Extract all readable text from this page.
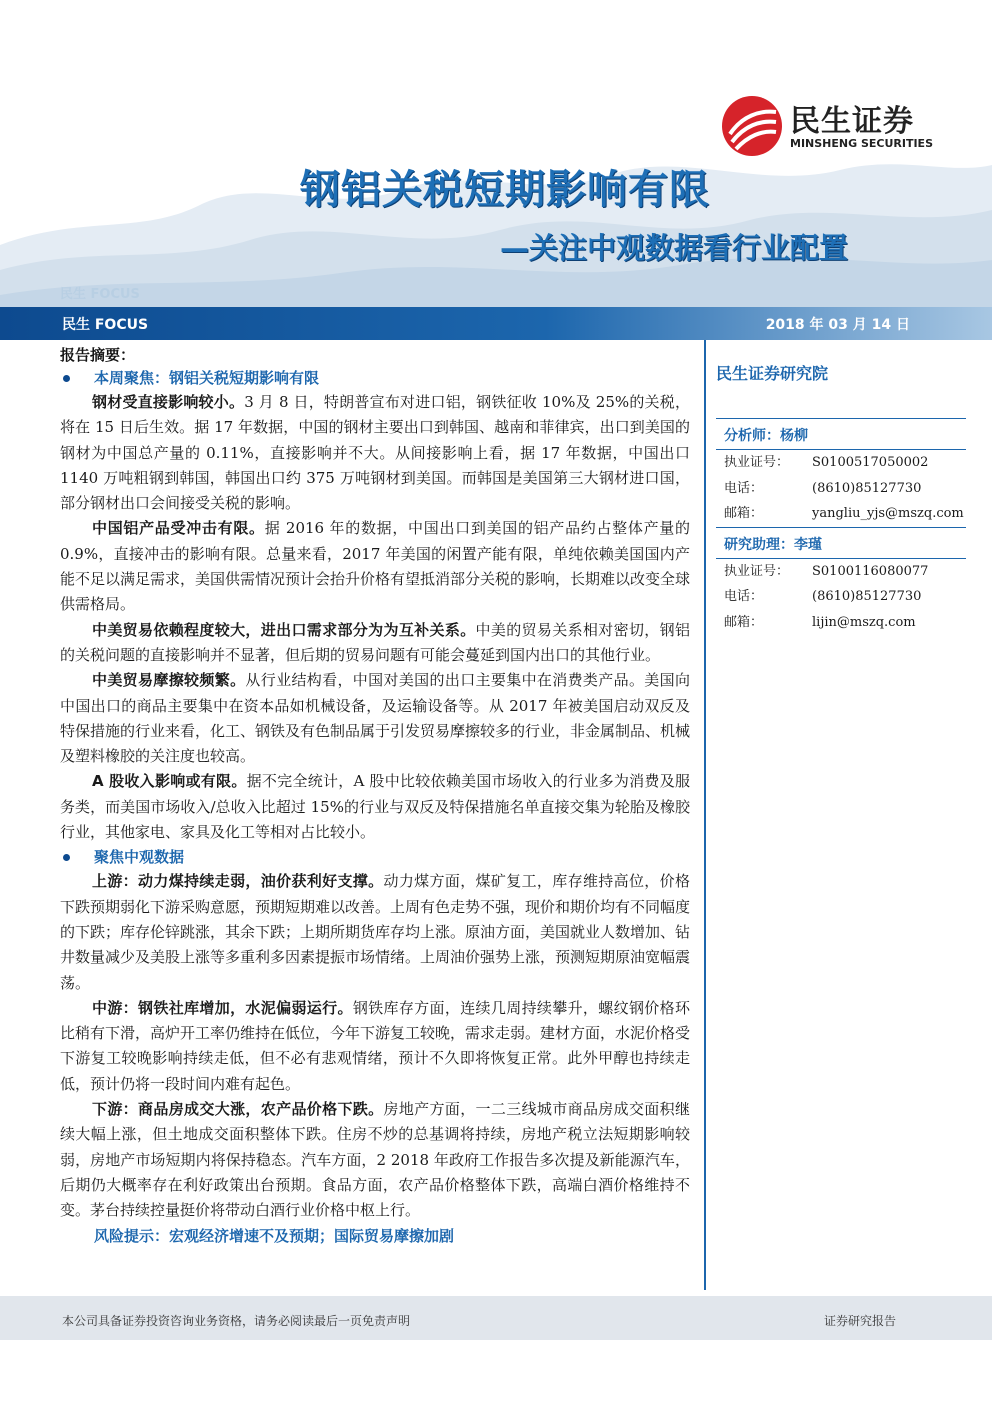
民生证券
MINSHENG SECURITIES
钢铝关税短期影响有限
—关注中观数据看行业配置
民生 FOCUS
民生 FOCUS	2018 年 03 月 14 日

报告摘要：

本周聚焦：钢铝关税短期影响有限

钢材受直接影响较小。3 月 8 日，特朗普宣布对进口铝，钢铁征收 10%及 25%的关税，将在 15 日后生效。据 17 年数据，中国的钢材主要出口到韩国、越南和菲律宾，出口到美国的钢材为中国总产量的 0.11%，直接影响并不大。从间接影响上看，据 17 年数据，中国出口 1140 万吨粗钢到韩国，韩国出口约 375 万吨钢材到美国。而韩国是美国第三大钢材进口国，部分钢材出口会间接受关税的影响。

中国铝产品受冲击有限。据 2016 年的数据，中国出口到美国的铝产品约占整体产量的 0.9%，直接冲击的影响有限。总量来看，2017 年美国的闲置产能有限，单纯依赖美国国内产能不足以满足需求，美国供需情况预计会抬升价格有望抵消部分关税的影响，长期难以改变全球供需格局。

中美贸易依赖程度较大，进出口需求部分为为互补关系。中美的贸易关系相对密切，钢铝的关税问题的直接影响并不显著，但后期的贸易问题有可能会蔓延到国内出口的其他行业。

中美贸易摩擦较频繁。从行业结构看，中国对美国的出口主要集中在消费类产品。美国向中国出口的商品主要集中在资本品如机械设备，及运输设备等。从 2017 年被美国启动双反及特保措施的行业来看，化工、钢铁及有色制品属于引发贸易摩擦较多的行业，非金属制品、机械及塑料橡胶的关注度也较高。

A 股收入影响或有限。据不完全统计，A 股中比较依赖美国市场收入的行业多为消费及服务类，而美国市场收入/总收入比超过 15%的行业与双反及特保措施名单直接交集为轮胎及橡胶行业，其他家电、家具及化工等相对占比较小。

聚焦中观数据

上游：动力煤持续走弱，油价获利好支撑。动力煤方面，煤矿复工，库存维持高位，价格下跌预期弱化下游采购意愿，预期短期难以改善。上周有色走势不强，现价和期价均有不同幅度的下跌；库存伦锌跳涨，其余下跌；上期所期货库存均上涨。原油方面，美国就业人数增加、钻井数量减少及美股上涨等多重利多因素提振市场情绪。上周油价强势上涨，预测短期原油宽幅震荡。

中游：钢铁社库增加，水泥偏弱运行。钢铁库存方面，连续几周持续攀升，螺纹钢价格环比稍有下滑，高炉开工率仍维持在低位，今年下游复工较晚，需求走弱。建材方面，水泥价格受下游复工较晚影响持续走低，但不必有悲观情绪，预计不久即将恢复正常。此外甲醇也持续走低，预计仍将一段时间内难有起色。

下游：商品房成交大涨，农产品价格下跌。房地产方面，一二三线城市商品房成交面积继续大幅上涨，但土地成交面积整体下跌。住房不炒的总基调将持续，房地产税立法短期影响较弱，房地产市场短期内将保持稳态。汽车方面，2 2018 年政府工作报告多次提及新能源汽车，后期仍大概率存在利好政策出台预期。食品方面，农产品价格整体下跌，高端白酒价格维持不变。茅台持续控量挺价将带动白酒行业价格中枢上行。

风险提示：宏观经济增速不及预期；国际贸易摩擦加剧

民生证券研究院

分析师：杨柳
执业证号：	S0100517050002
电话：	(8610)85127730
邮箱：	yangliu_yjs@mszq.com
研究助理：李瑾
执业证号：	S0100116080077
电话：	(8610)85127730
邮箱：	lijin@mszq.com
本公司具备证券投资咨询业务资格，请务必阅读最后一页免责声明	证券研究报告
